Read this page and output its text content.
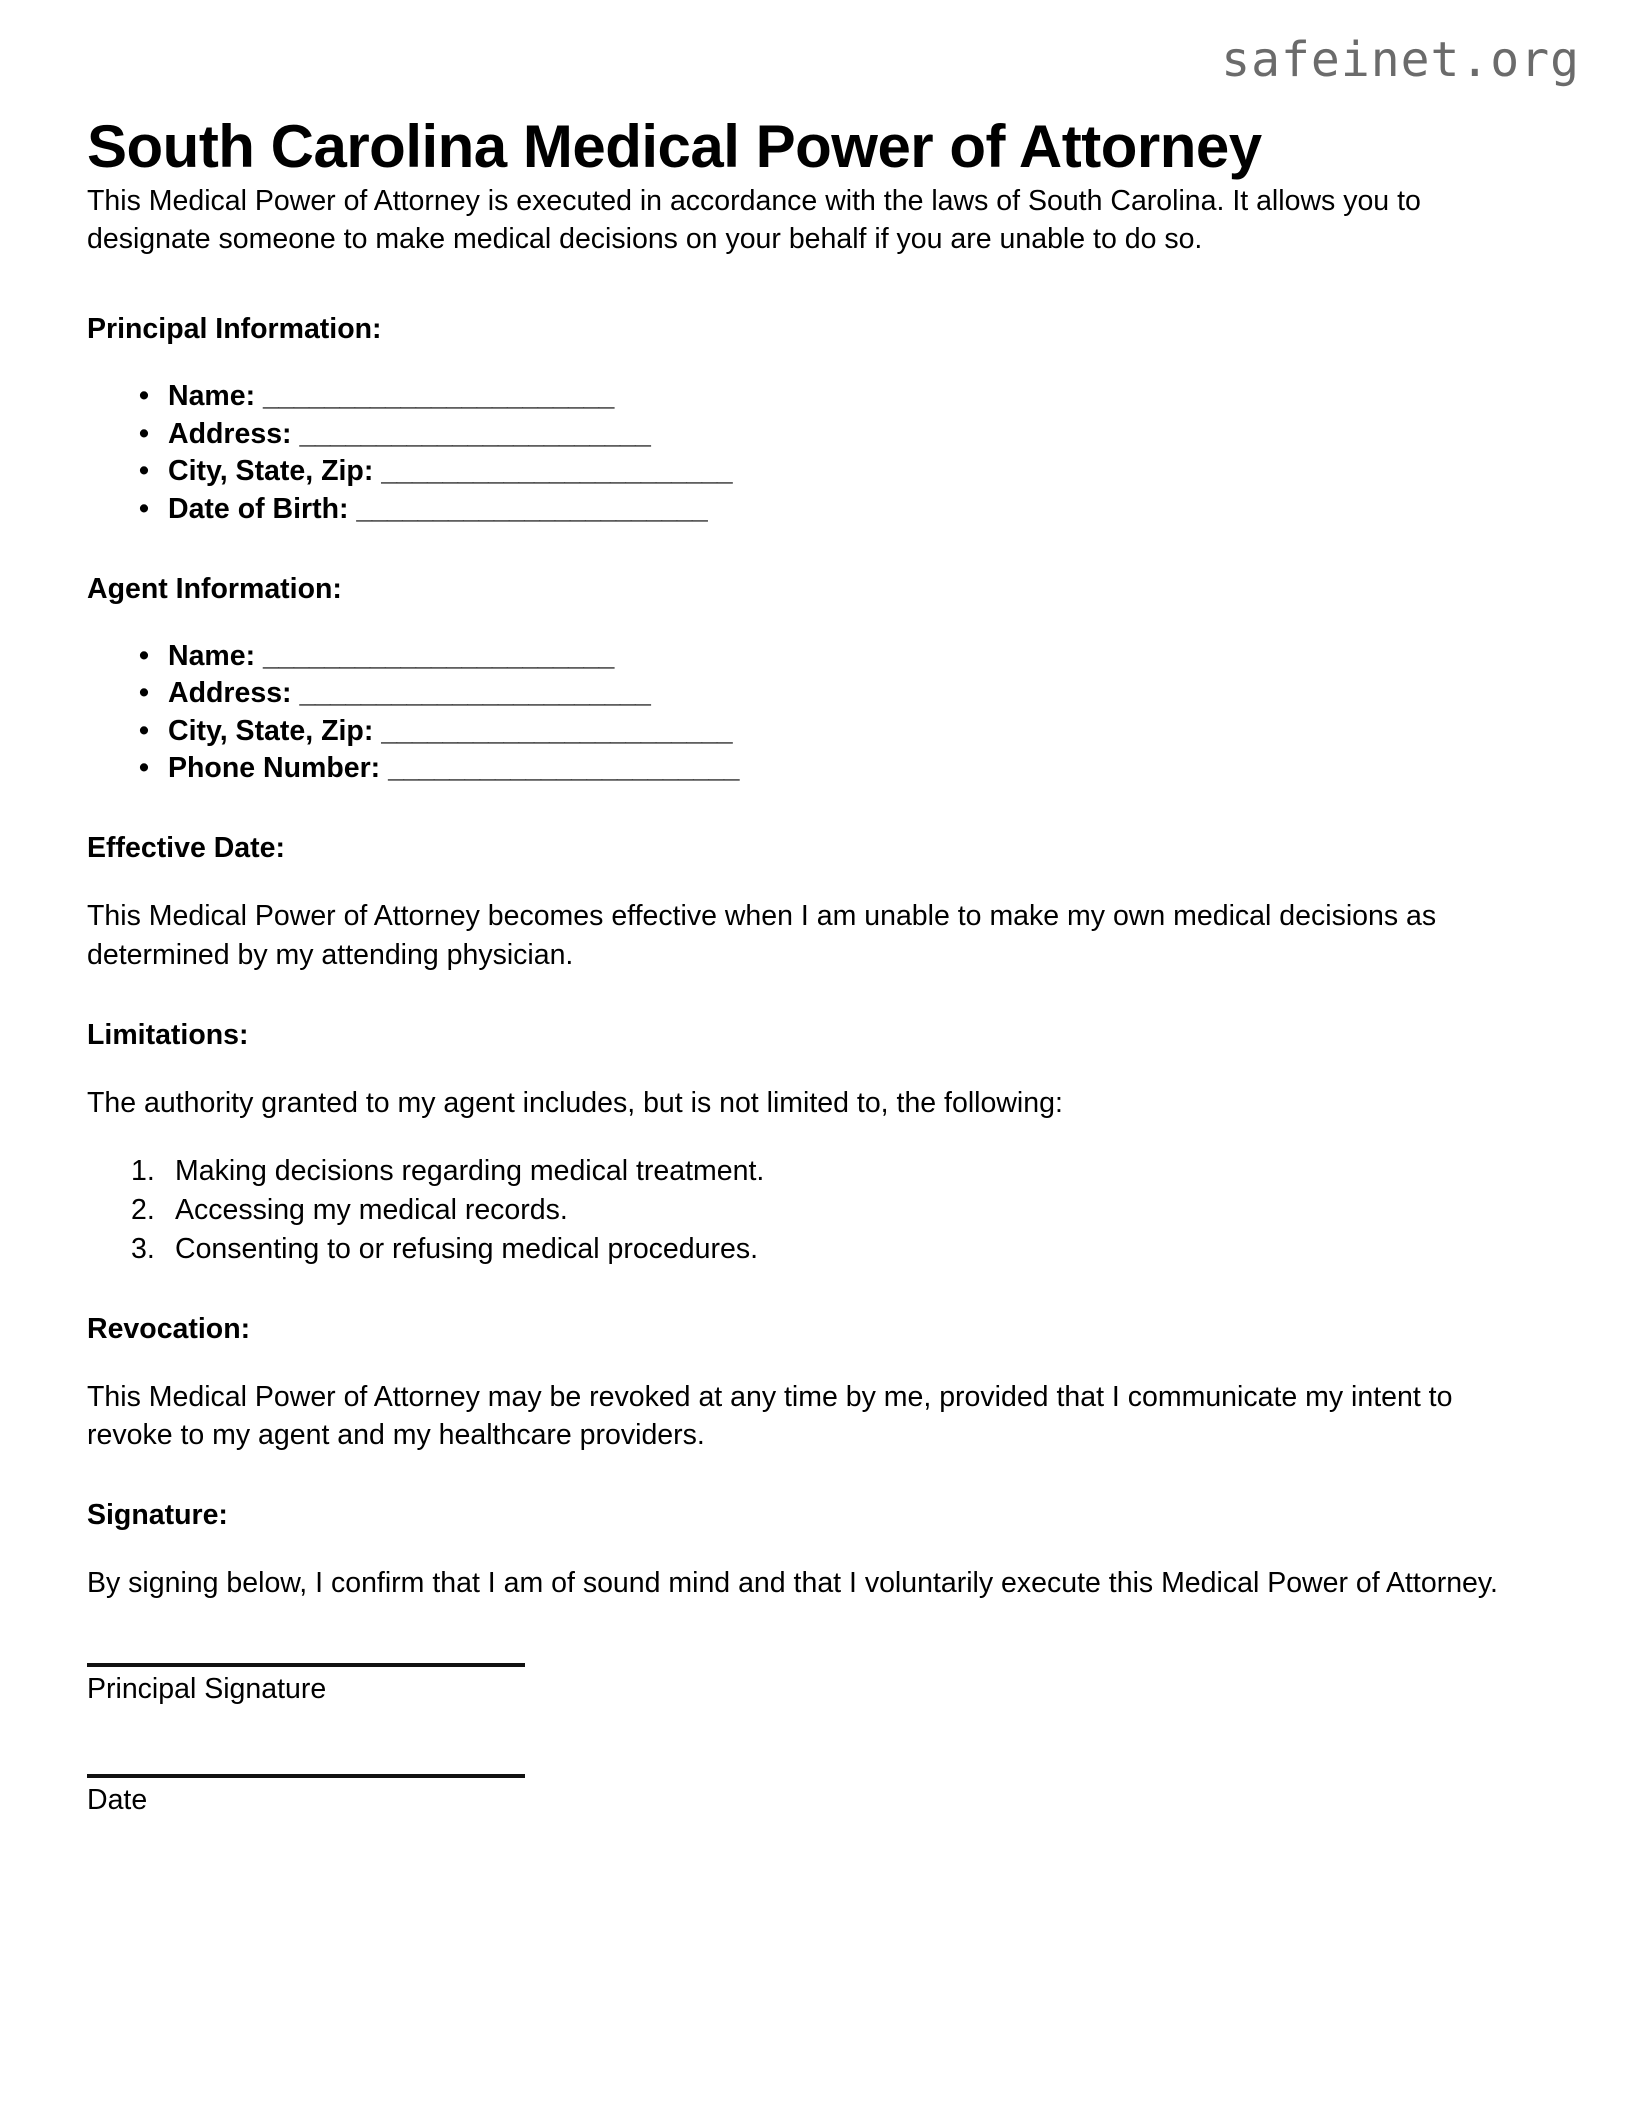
safeinet.org
South Carolina Medical Power of Attorney

This Medical Power of Attorney is executed in accordance with the laws of South Carolina. It allows you to designate someone to make medical decisions on your behalf if you are unable to do so.

Principal Information:
• Name: _______________________
• Address: _______________________
• City, State, Zip: _______________________
• Date of Birth: _______________________
Agent Information:
• Name: _______________________
• Address: _______________________
• City, State, Zip: _______________________
• Phone Number: _______________________
Effective Date:

This Medical Power of Attorney becomes effective when I am unable to make my own medical decisions as determined by my attending physician.

Limitations:

The authority granted to my agent includes, but is not limited to, the following:

Making decisions regarding medical treatment.
Accessing my medical records.
Consenting to or refusing medical procedures.
Revocation:

This Medical Power of Attorney may be revoked at any time by me, provided that I communicate my intent to revoke to my agent and my healthcare providers.

Signature:

By signing below, I confirm that I am of sound mind and that I voluntarily execute this Medical Power of Attorney.

Principal Signature

Date
